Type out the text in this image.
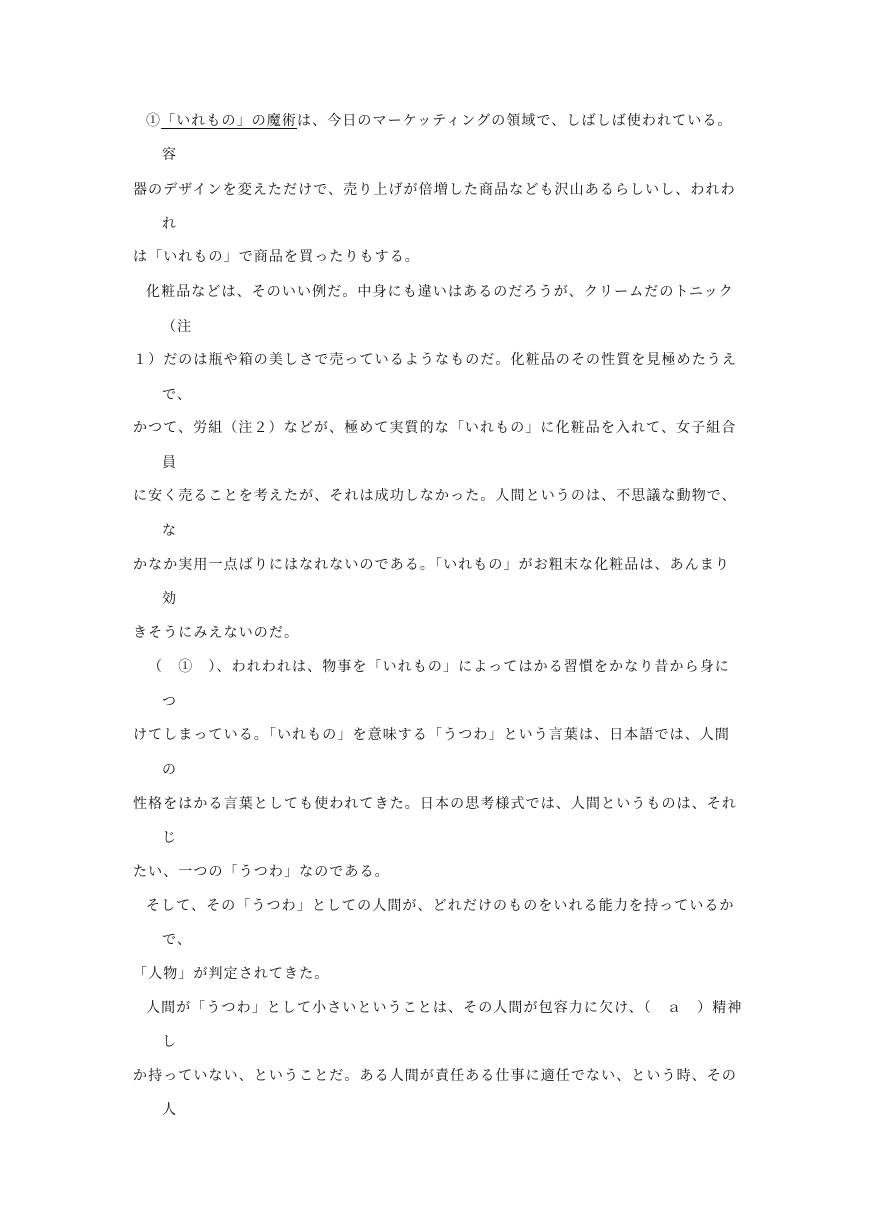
①「いれもの」の魔術は、今日のマーケッティングの領域で、しばしば使われている。
容
器のデザインを変えただけで、売り上げが倍増した商品なども沢山あるらしいし、われわ
れ
は「いれもの」で商品を買ったりもする。
化粧品などは、そのいい例だ。中身にも違いはあるのだろうが、クリームだのトニック
（注
１）だのは瓶や箱の美しさで売っているようなものだ。化粧品のその性質を見極めたうえ
で、
かつて、労組（注２）などが、極めて実質的な「いれもの」に化粧品を入れて、女子組合
員
に安く売ることを考えたが、それは成功しなかった。人間というのは、不思議な動物で、
な
かなか実用一点ばりにはなれないのである。「いれもの」がお粗末な化粧品は、あんまり
効
きそうにみえないのだ。
（　①　）、われわれは、物事を「いれもの」によってはかる習慣をかなり昔から身に
つ
けてしまっている。「いれもの」を意味する「うつわ」という言葉は、日本語では、人間
の
性格をはかる言葉としても使われてきた。日本の思考様式では、人間というものは、それ
じ
たい、一つの「うつわ」なのである。
そして、その「うつわ」としての人間が、どれだけのものをいれる能力を持っているか
で、
「人物」が判定されてきた。
人間が「うつわ」として小さいということは、その人間が包容力に欠け、（　ａ　）精神
し
か持っていない、ということだ。ある人間が責任ある仕事に適任でない、という時、その
人
